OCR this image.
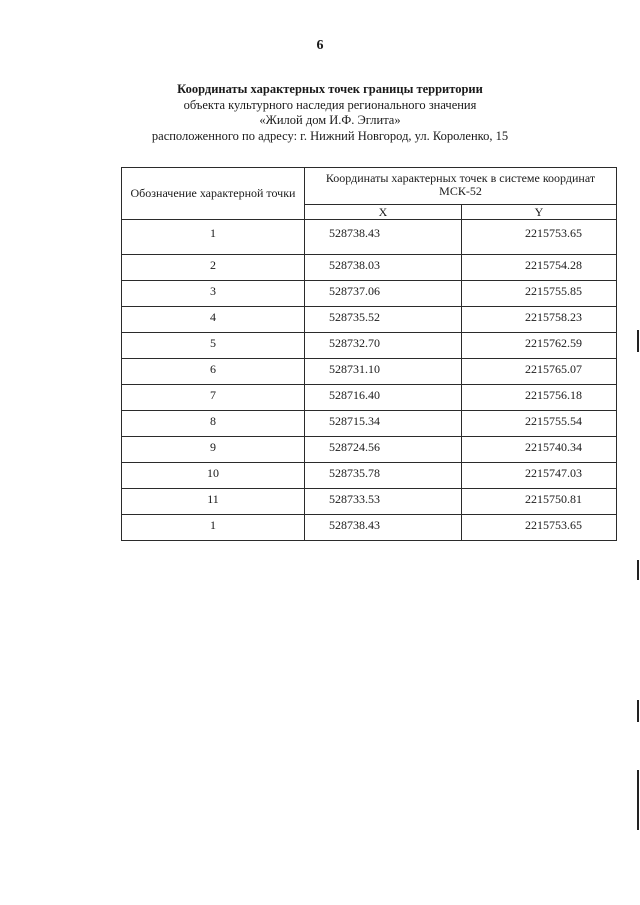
6
Координаты характерных точек границы территории
объекта культурного наследия регионального значения
«Жилой дом И.Ф. Эглита»
расположенного по адресу: г. Нижний Новгород, ул. Короленко, 15
Обозначение характерной точки	Координаты характерных точек в системе координат МСК-52	
	X	Y
1	528738.43	2215753.65
2	528738.03	2215754.28
3	528737.06	2215755.85
4	528735.52	2215758.23
5	528732.70	2215762.59
6	528731.10	2215765.07
7	528716.40	2215756.18
8	528715.34	2215755.54
9	528724.56	2215740.34
10	528735.78	2215747.03
11	528733.53	2215750.81
1	528738.43	2215753.65
